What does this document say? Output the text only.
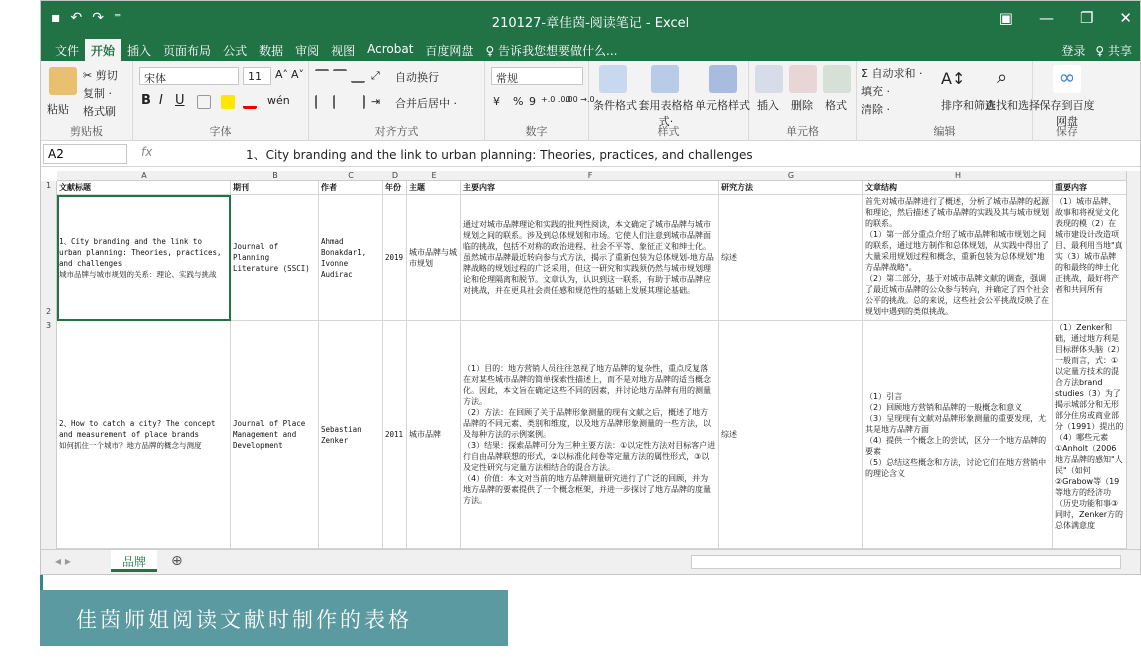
▪ ↶ ↷ ⁼	210127-章佳茵-阅读笔记 - Excel	▣ — ❐ ✕
文件	开始	插入	页面布局	公式	数据	审阅	视图	Acrobat	百度网盘	♀ 告诉我您想要做什么...	登录 ♀ 共享
粘贴
✂ 剪切
复制 ·
格式刷
剪贴板
宋体	11	A˄ A˅
B I U	wén
字体
⤢	自动换行
⇥	合并后居中 ·
对齐方式
常规
¥	% 9 +.0 .00
.00 →.0
数字
条件格式 套用表格格式·
单元格样式
样式
插入 删除 格式
单元格
Σ 自动求和 ·
填充 ·
清除 ·
A↕
排序和筛选
⌕
查找和选择
编辑
∞
保存到百度网盘
保存
A2	fx	1、City branding and the link to urban planning: Theories, practices, and challenges
A	B	C	D	E	F	G	H
1 文献标题	期刊	作者	年份	主题	主要内容	研究方法	文章结构	重要内容
2
1、City branding and the link to urban planning: Theories, practices, and challenges
城市品牌与城市规划的关系：理论、实践与挑战
Journal of Planning Literature (SSCI)
Ahmad Bonakdar1, Ivonne Audirac
2019
城市品牌与城市规划
通过对城市品牌理论和实践的批判性阅读，本文确定了城市品牌与城市规划之间的联系。涉及到总体规划和市场。它使人们注意到城市品牌面临的挑战，包括不对称的政治进程、社会不平等、象征正义和绅士化。虽然城市品牌最近转向参与式方法，揭示了重新包装为总体规划-地方品牌战略的规划过程的广泛采用，但这一研究和实践须仍然与城市规划理论和伦理隔离和脱节。文章认为，认识到这一联系，有助于城市品牌应对挑战，并在更具社会责任感和规范性的基础上发展其理论基础。
综述
首先对城市品牌进行了概述，分析了城市品牌的起源和理论，然后描述了城市品牌的实践及其与城市规划的联系。
（1）第一部分重点介绍了城市品牌和城市规划之间的联系，通过地方制作和总体规划，从实践中得出了大量采用规划过程和概念，重新包装为总体规划"地方品牌战略"。
（2）第二部分，基于对城市品牌文献的调查，强调了最近城市品牌的公众参与转向，并确定了四个社会公平的挑战。总的来说，这些社会公平挑战反映了在规划中遇到的类似挑战。
（1）城市品牌、故事和将视觉文化表现的模（2）在城市建设计改造项目、最利用当地"真实（3）城市品牌的和最终的绅士化正挑战，最好将产者和共同所有
3
2、How to catch a city? The concept and measurement of place brands
如何抓住一个城市？地方品牌的概念与测度
Journal of Place Management and Development
Sebastian Zenker
2011 城市品牌
（1）目的：地方营销人员往往忽视了地方品牌的复杂性，重点反复落在对某些城市品牌的简单探索性描述上，而不是对地方品牌的适当概念化。因此，本文旨在确定这些不同的因素，并讨论地方品牌有用的测量方法。
（2）方法：在回顾了关于品牌形象测量的现有文献之后，概述了地方品牌的不同元素、类别和维度，以及地方品牌形象测量的一些方法，以及每种方法的示例案例。
（3）结果：探索品牌可分为三种主要方法：①以定性方法对目标客户进行自由品牌联想的形式，②以标准化问卷等定量方法的属性形式，③以及定性研究与定量方法相结合的混合方法。
（4）价值：本文对当前的地方品牌测量研究进行了广泛的回顾，并为地方品牌的要素提供了一个概念框架，并进一步探讨了地方品牌的度量方法。
综述
（1）引言
（2）回顾地方营销和品牌的一般概念和意义
（3）呈现现有文献对品牌形象测量的重要发现，尤其是地方品牌方面
（4）提供一个概念上的尝试，区分一个地方品牌的要素
（5）总结这些概念和方法，讨论它们在地方营销中的理论含义
（1）Zenker和础，通过地方利是目标群体头脑（2）一般而言，式：①以定量方技术的混合方法brand studies（3）为了揭示城部分和无形部分住房或商业部分（1991）提出的（4）哪些元素①Anholt（2006地方品牌的感知"人民"（如何②Grabow等（19等地方的经济功（历史功能和事③同时，Zenker方的总体满意度
◂ ▸	品牌	⊕
佳茵师姐阅读文献时制作的表格
